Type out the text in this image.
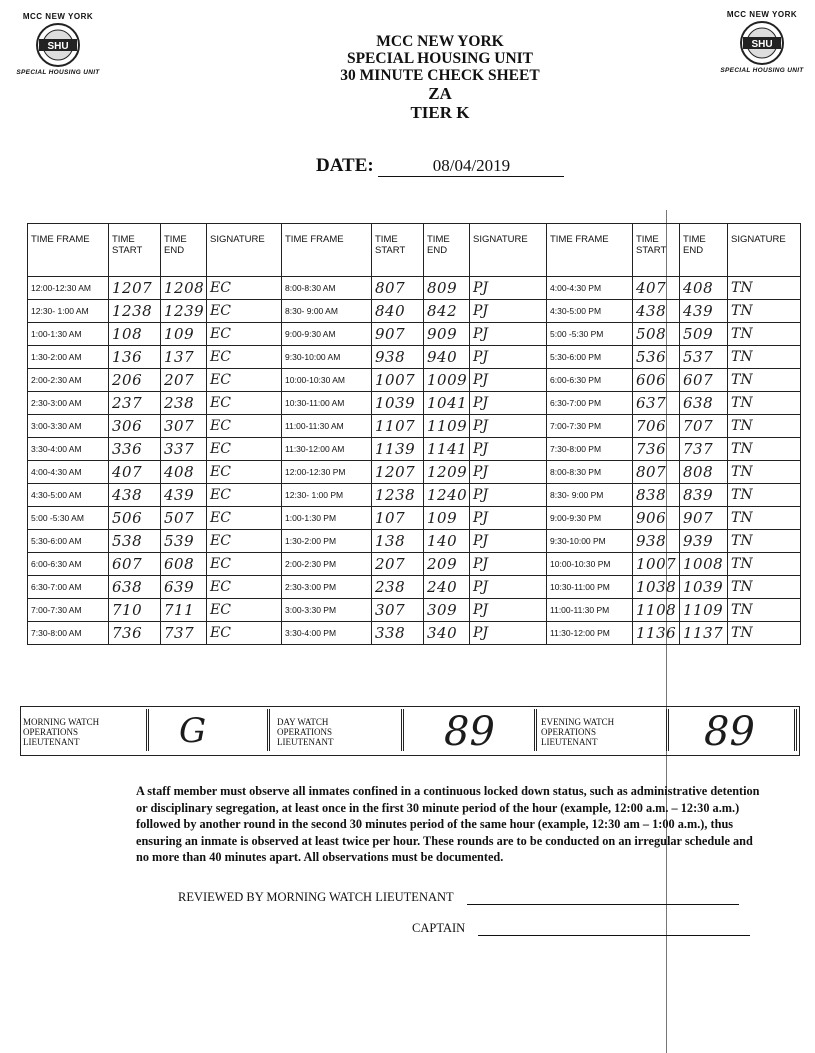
MCC NEW YORK
SHU
SPECIAL HOUSING UNIT
MCC NEW YORK
SHU
SPECIAL HOUSING UNIT
MCC NEW YORK
SPECIAL HOUSING UNIT
30 MINUTE CHECK SHEET
ZA
TIER K
DATE:	08/04/2019
TIME FRAME	TIME START	TIME END	SIGNATURE	TIME FRAME	TIME START	TIME END	SIGNATURE	TIME FRAME	TIME START	TIME END	SIGNATURE
12:00-12:30 AM	1207	1208	EC	8:00-8:30 AM	807	809	PJ	4:00-4:30 PM	407	408	TN
12:30- 1:00 AM	1238	1239	EC	8:30- 9:00 AM	840	842	PJ	4:30-5:00 PM	438	439	TN
1:00-1:30 AM	108	109	EC	9:00-9:30 AM	907	909	PJ	5:00 -5:30 PM	508	509	TN
1:30-2:00 AM	136	137	EC	9:30-10:00 AM	938	940	PJ	5:30-6:00 PM	536	537	TN
2:00-2:30 AM	206	207	EC	10:00-10:30 AM	1007	1009	PJ	6:00-6:30 PM	606	607	TN
2:30-3:00 AM	237	238	EC	10:30-11:00 AM	1039	1041	PJ	6:30-7:00 PM	637	638	TN
3:00-3:30 AM	306	307	EC	11:00-11:30 AM	1107	1109	PJ	7:00-7:30 PM	706	707	TN
3:30-4:00 AM	336	337	EC	11:30-12:00 AM	1139	1141	PJ	7:30-8:00 PM	736	737	TN
4:00-4:30 AM	407	408	EC	12:00-12:30 PM	1207	1209	PJ	8:00-8:30 PM	807	808	TN
4:30-5:00 AM	438	439	EC	12:30- 1:00 PM	1238	1240	PJ	8:30- 9:00 PM	838	839	TN
5:00 -5:30 AM	506	507	EC	1:00-1:30 PM	107	109	PJ	9:00-9:30 PM	906	907	TN
5:30-6:00 AM	538	539	EC	1:30-2:00 PM	138	140	PJ	9:30-10:00 PM	938	939	TN
6:00-6:30 AM	607	608	EC	2:00-2:30 PM	207	209	PJ	10:00-10:30 PM	1007	1008	TN
6:30-7:00 AM	638	639	EC	2:30-3:00 PM	238	240	PJ	10:30-11:00 PM	1038	1039	TN
7:00-7:30 AM	710	711	EC	3:00-3:30 PM	307	309	PJ	11:00-11:30 PM	1108	1109	TN
7:30-8:00 AM	736	737	EC	3:30-4:00 PM	338	340	PJ	11:30-12:00 PM	1136	1137	TN
MORNING WATCH
OPERATIONS
LIEUTENANT	G	DAY WATCH
OPERATIONS
LIEUTENANT	89	EVENING WATCH
OPERATIONS
LIEUTENANT	89
A staff member must observe all inmates confined in a continuous locked down status, such as administrative detention or disciplinary segregation, at least once in the first 30 minute period of the hour (example, 12:00 a.m. – 12:30 a.m.) followed by another round in the second 30 minutes period of the same hour (example, 12:30 am – 1:00 a.m.), thus ensuring an inmate is observed at least twice per hour. These rounds are to be conducted on an irregular schedule and no more than 40 minutes apart. All observations must be documented.
REVIEWED BY MORNING WATCH LIEUTENANT
CAPTAIN
